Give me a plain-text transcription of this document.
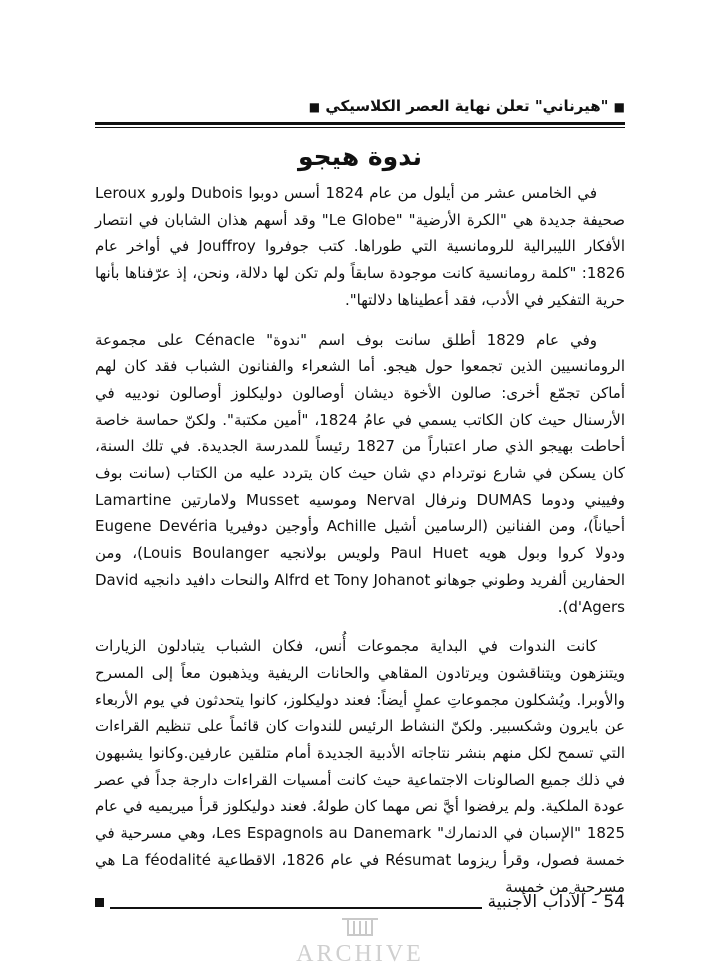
■ "هيرناني" تعلن نهاية العصر الكلاسيكي ■
ندوة هيجو

في الخامس عشر من أيلول من عام 1824 أسس دوبوا Dubois ولورو Leroux صحيفة جديدة هي "الكرة الأرضية" "Le Globe" وقد أسهم هذان الشابان في انتصار الأفكار الليبرالية للرومانسية التي طوراها. كتب جوفروا Jouffroy في أواخر عام 1826: "كلمة رومانسية كانت موجودة سابقاً ولم تكن لها دلالة، ونحن، إذ عرّفناها بأنها حرية التفكير في الأدب، فقد أعطيناها دلالتها".

وفي عام 1829 أطلق سانت بوف اسم "ندوة" Cénacle على مجموعة الرومانسيين الذين تجمعوا حول هيجو. أما الشعراء والفنانون الشباب فقد كان لهم أماكن تجمّع أخرى: صالون الأخوة ديشان أوصالون دوليكلوز أوصالون نودييه في الأرسنال حيث كان الكاتب يسمي في عامُ 1824، "أمين مكتبة". ولكنّ حماسة خاصة أحاطت بهيجو الذي صار اعتباراً من 1827 رئيساً للمدرسة الجديدة. في تلك السنة، كان يسكن في شارع نوتردام دي شان حيث كان يتردد عليه من الكتاب (سانت بوف وفييني ودوما DUMAS ونرفال Nerval وموسيه Musset ولامارتين Lamartine أحياناً)، ومن الفنانين (الرسامين أشيل Achille وأوجين دوفيريا Eugene Devéria ودولا كروا وبول هويه Paul Huet ولويس بولانجيه Louis Boulanger)، ومن الحفارين ألفريد وطوني جوهانو Alfrd et Tony Johanot والنحات دافيد دانجيه David d'Agers).

كانت الندوات في البداية مجموعات أُنس، فكان الشباب يتبادلون الزيارات ويتنزهون ويتناقشون ويرتادون المقاهي والحانات الريفية ويذهبون معاً إلى المسرح والأوبرا. ويُشكلون مجموعاتِ عملٍ أيضاً: فعند دوليكلوز، كانوا يتحدثون في يوم الأربعاء عن بايرون وشكسبير. ولكنّ النشاط الرئيس للندوات كان قائماً على تنظيم القراءات التي تسمح لكل منهم بنشر نتاجاته الأدبية الجديدة أمام متلقين عارفين.وكانوا يشبهون في ذلك جميع الصالونات الاجتماعية حيث كانت أمسيات القراءات دارجة جداً في عصر عودة الملكية. ولم يرفضوا أيَّ نص مهما كان طولهُ. فعند دوليكلوز قرأ ميريميه في عام 1825 "الإسبان في الدنمارك" Les Espagnols au Danemark، وهي مسرحية في خمسة فصول، وقرأ ريزوما Résumat في عام 1826، الاقطاعية La féodalité هي مسرحية من خمسة

54
-
الآداب الأجنبية
ARCHIVE
